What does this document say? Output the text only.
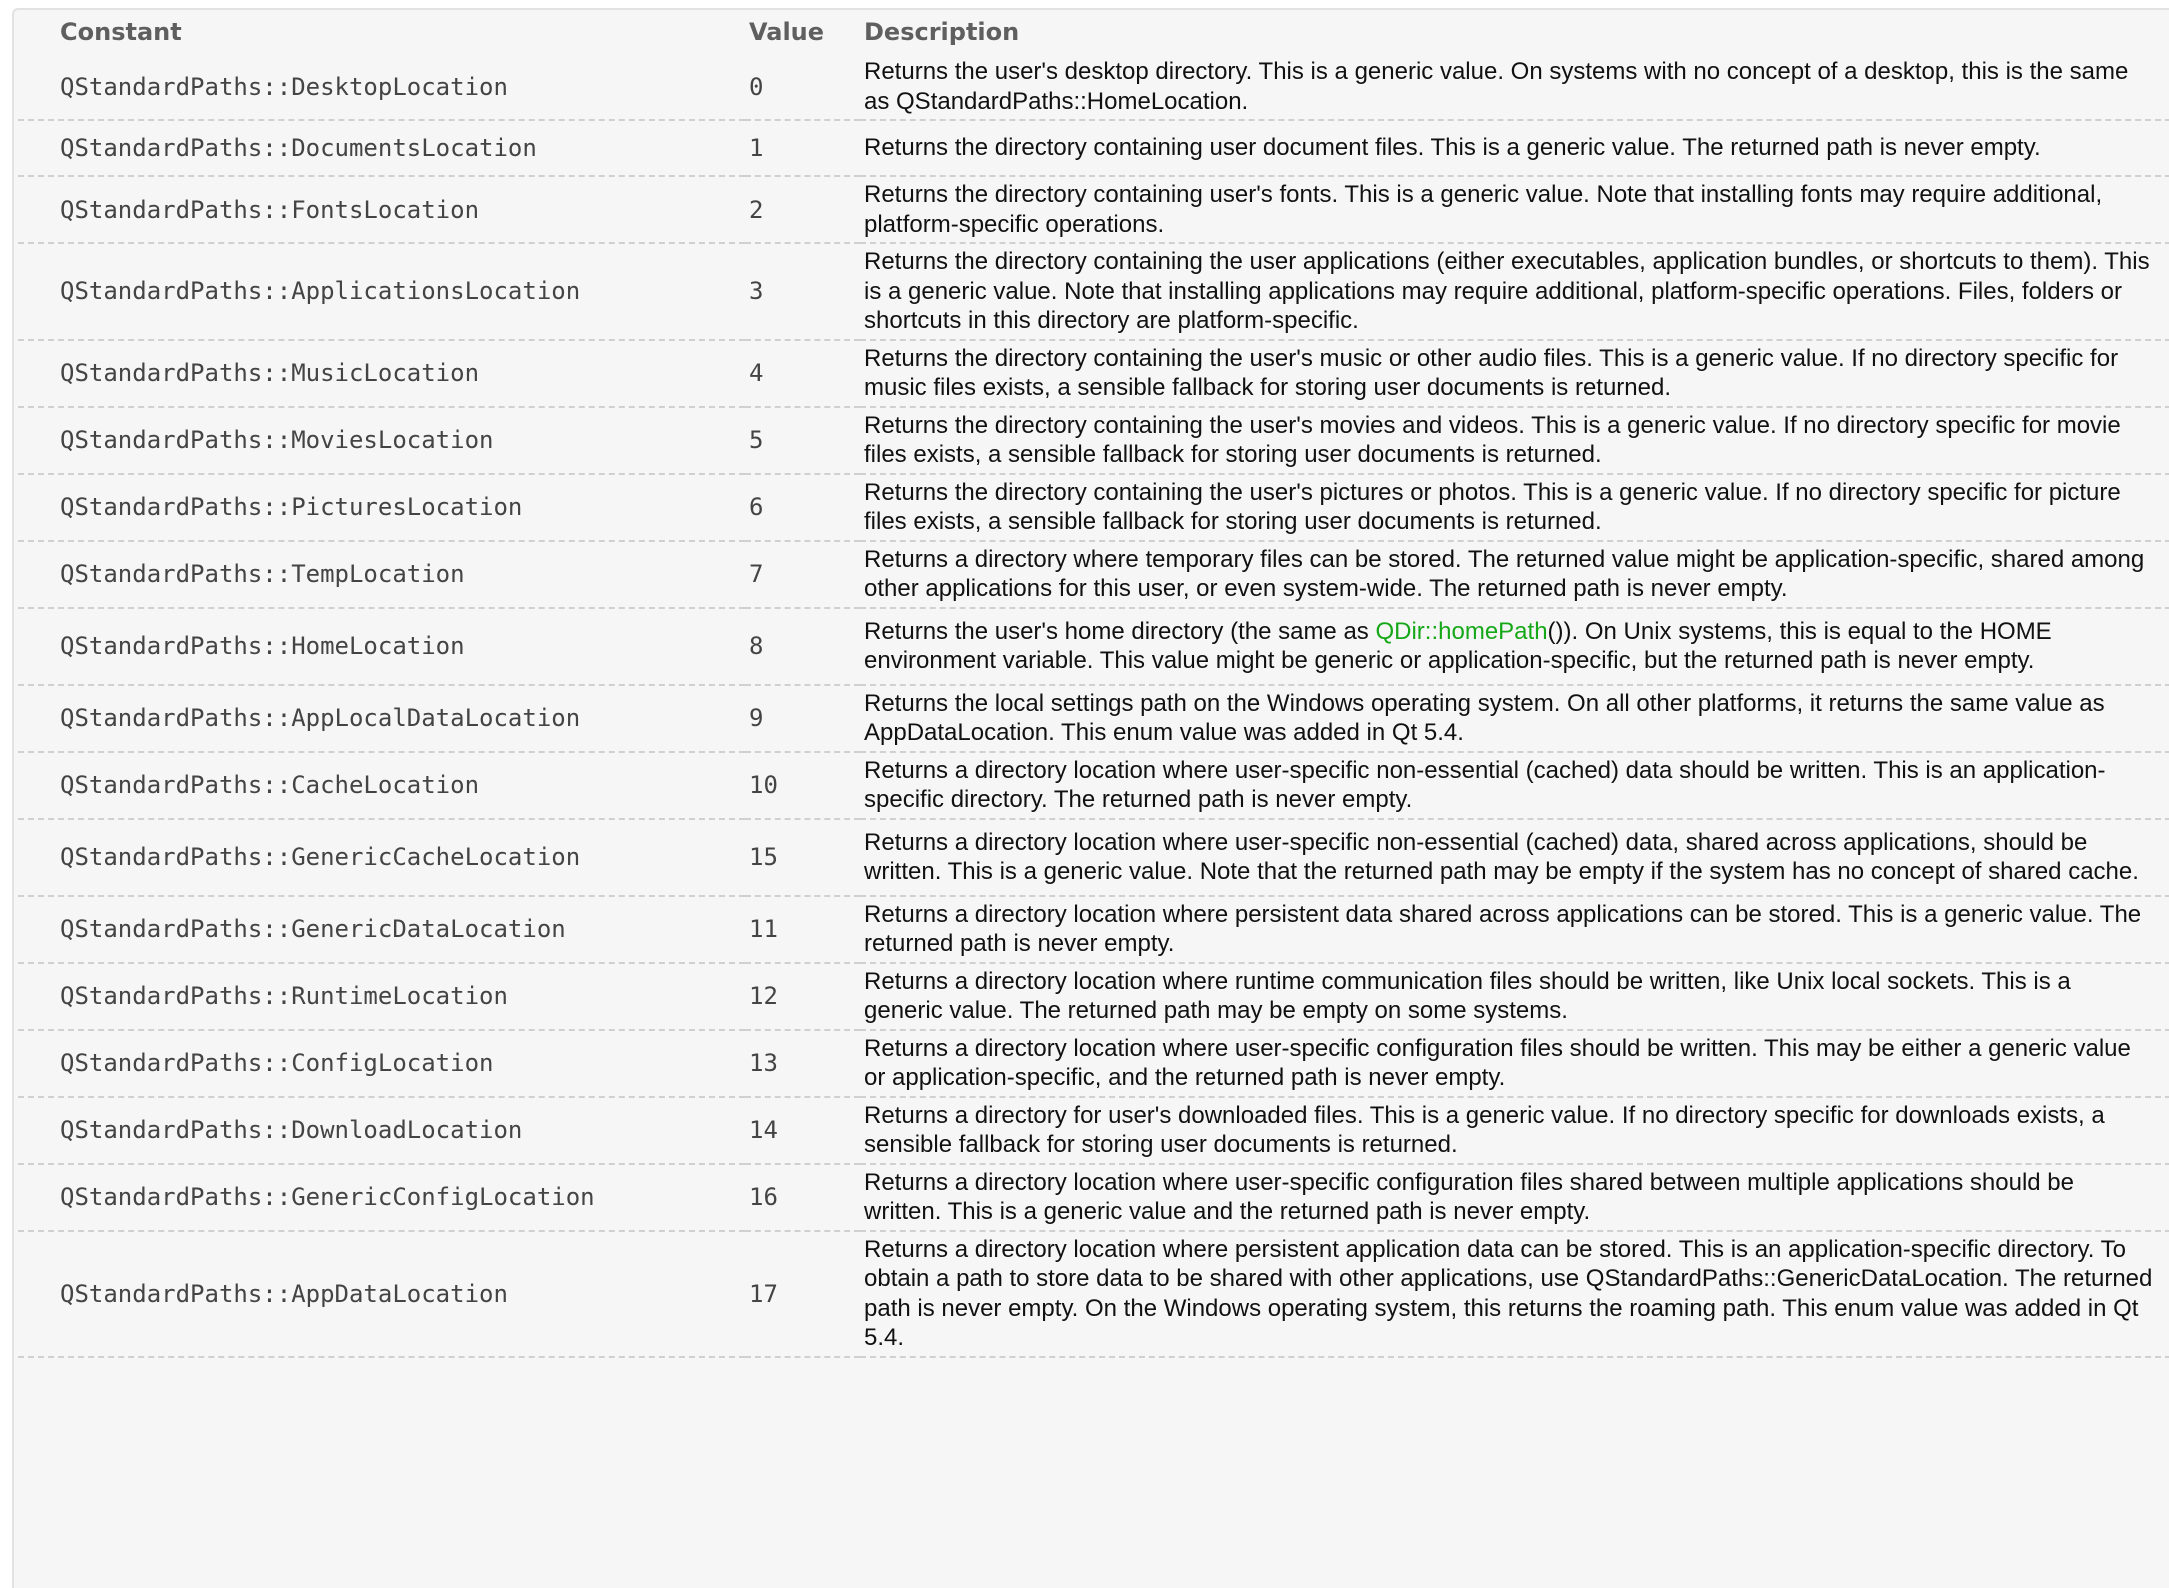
Constant	Value	Description
QStandardPaths::DesktopLocation	0	Returns the user's desktop directory. This is a generic value. On systems with no concept of a desktop, this is the same as QStandardPaths::HomeLocation.
QStandardPaths::DocumentsLocation	1	Returns the directory containing user document files. This is a generic value. The returned path is never empty.
QStandardPaths::FontsLocation	2	Returns the directory containing user's fonts. This is a generic value. Note that installing fonts may require additional, platform-specific operations.
QStandardPaths::ApplicationsLocation	3	Returns the directory containing the user applications (either executables, application bundles, or shortcuts to them). This is a generic value. Note that installing applications may require additional, platform-specific operations. Files, folders or shortcuts in this directory are platform-specific.
QStandardPaths::MusicLocation	4	Returns the directory containing the user's music or other audio files. This is a generic value. If no directory specific for music files exists, a sensible fallback for storing user documents is returned.
QStandardPaths::MoviesLocation	5	Returns the directory containing the user's movies and videos. This is a generic value. If no directory specific for movie files exists, a sensible fallback for storing user documents is returned.
QStandardPaths::PicturesLocation	6	Returns the directory containing the user's pictures or photos. This is a generic value. If no directory specific for picture files exists, a sensible fallback for storing user documents is returned.
QStandardPaths::TempLocation	7	Returns a directory where temporary files can be stored. The returned value might be application-specific, shared among other applications for this user, or even system-wide. The returned path is never empty.
QStandardPaths::HomeLocation	8	Returns the user's home directory (the same as QDir::homePath()). On Unix systems, this is equal to the HOME environment variable. This value might be generic or application-specific, but the returned path is never empty.
QStandardPaths::AppLocalDataLocation	9	Returns the local settings path on the Windows operating system. On all other platforms, it returns the same value as AppDataLocation. This enum value was added in Qt 5.4.
QStandardPaths::CacheLocation	10	Returns a directory location where user-specific non-essential (cached) data should be written. This is an application-specific directory. The returned path is never empty.
QStandardPaths::GenericCacheLocation	15	Returns a directory location where user-specific non-essential (cached) data, shared across applications, should be written. This is a generic value. Note that the returned path may be empty if the system has no concept of shared cache.
QStandardPaths::GenericDataLocation	11	Returns a directory location where persistent data shared across applications can be stored. This is a generic value. The returned path is never empty.
QStandardPaths::RuntimeLocation	12	Returns a directory location where runtime communication files should be written, like Unix local sockets. This is a generic value. The returned path may be empty on some systems.
QStandardPaths::ConfigLocation	13	Returns a directory location where user-specific configuration files should be written. This may be either a generic value or application-specific, and the returned path is never empty.
QStandardPaths::DownloadLocation	14	Returns a directory for user's downloaded files. This is a generic value. If no directory specific for downloads exists, a sensible fallback for storing user documents is returned.
QStandardPaths::GenericConfigLocation	16	Returns a directory location where user-specific configuration files shared between multiple applications should be written. This is a generic value and the returned path is never empty.
QStandardPaths::AppDataLocation	17	Returns a directory location where persistent application data can be stored. This is an application-specific directory. To obtain a path to store data to be shared with other applications, use QStandardPaths::GenericDataLocation. The returned path is never empty. On the Windows operating system, this returns the roaming path. This enum value was added in Qt 5.4.
